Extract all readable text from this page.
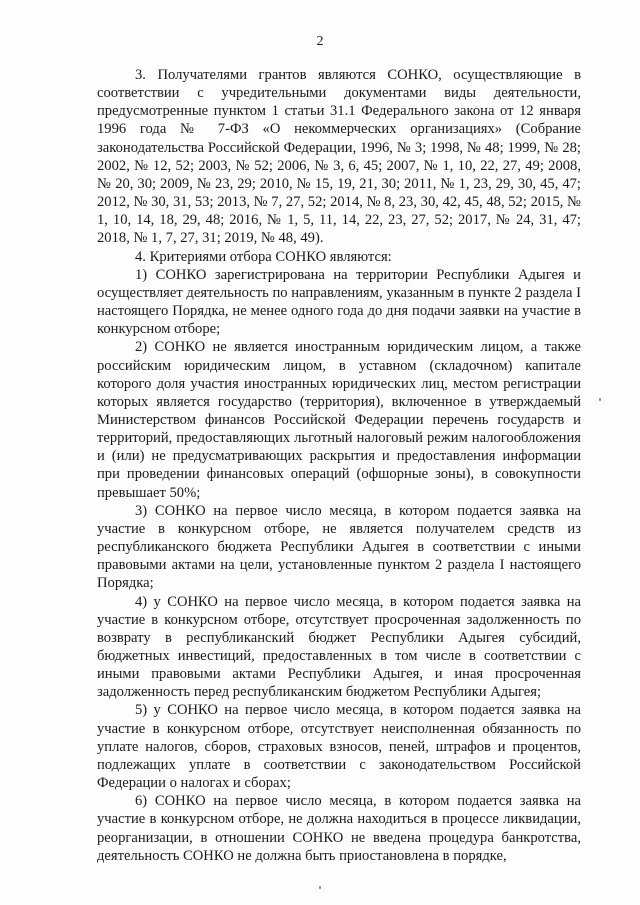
2

3. Получателями грантов являются СОНКО, осуществляющие в соответствии с учредительными документами виды деятельности, предусмотренные пунктом 1 статьи 31.1 Федерального закона от 12 января 1996 года № 7-ФЗ «О некоммерческих организациях» (Собрание законодательства Российской Федерации, 1996, № 3; 1998, № 48; 1999, № 28; 2002, № 12, 52; 2003, № 52; 2006, № 3, 6, 45; 2007, № 1, 10, 22, 27, 49; 2008, № 20, 30; 2009, № 23, 29; 2010, № 15, 19, 21, 30; 2011, № 1, 23, 29, 30, 45, 47; 2012, № 30, 31, 53; 2013, № 7, 27, 52; 2014, № 8, 23, 30, 42, 45, 48, 52; 2015, № 1, 10, 14, 18, 29, 48; 2016, № 1, 5, 11, 14, 22, 23, 27, 52; 2017, № 24, 31, 47; 2018, № 1, 7, 27, 31; 2019, № 48, 49).

4. Критериями отбора СОНКО являются:

1) СОНКО зарегистрирована на территории Республики Адыгея и осуществляет деятельность по направлениям, указанным в пункте 2 раздела I настоящего Порядка, не менее одного года до дня подачи заявки на участие в конкурсном отборе;

2) СОНКО не является иностранным юридическим лицом, а также российским юридическим лицом, в уставном (складочном) капитале которого доля участия иностранных юридических лиц, местом регистрации которых является государство (территория), включенное в утверждаемый Министерством финансов Российской Федерации перечень государств и территорий, предоставляющих льготный налоговый режим налогообложения и (или) не предусматривающих раскрытия и предоставления информации при проведении финансовых операций (офшорные зоны), в совокупности превышает 50%;

3) СОНКО на первое число месяца, в котором подается заявка на участие в конкурсном отборе, не является получателем средств из республиканского бюджета Республики Адыгея в соответствии с иными правовыми актами на цели, установленные пунктом 2 раздела I настоящего Порядка;

4) у СОНКО на первое число месяца, в котором подается заявка на участие в конкурсном отборе, отсутствует просроченная задолженность по возврату в республиканский бюджет Республики Адыгея субсидий, бюджетных инвестиций, предоставленных в том числе в соответствии с иными правовыми актами Республики Адыгея, и иная просроченная задолженность перед республиканским бюджетом Республики Адыгея;

5) у СОНКО на первое число месяца, в котором подается заявка на участие в конкурсном отборе, отсутствует неисполненная обязанность по уплате налогов, сборов, страховых взносов, пеней, штрафов и процентов, подлежащих уплате в соответствии с законодательством Российской Федерации о налогах и сборах;

6) СОНКО на первое число месяца, в котором подается заявка на участие в конкурсном отборе, не должна находиться в процессе ликвидации, реорганизации, в отношении СОНКО не введена процедура банкротства, деятельность СОНКО не должна быть приостановлена в порядке,
